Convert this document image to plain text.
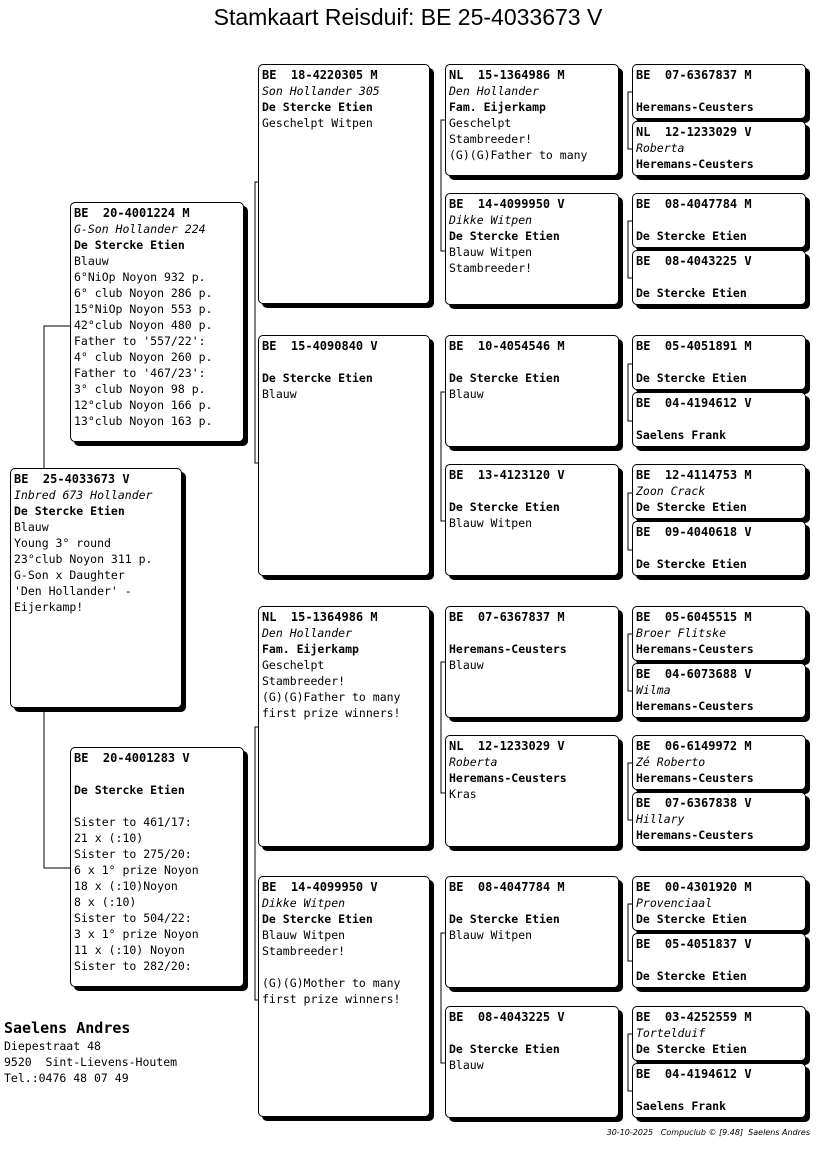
Stamkaart Reisduif: BE 25-4033673 V
BE  25-4033673 V
Inbred 673 Hollander
De Stercke Etien
Blauw
Young 3° round
23°club Noyon 311 p.
G-Son x Daughter
'Den Hollander' -
Eijerkamp!
BE  20-4001224 M
G-Son Hollander 224
De Stercke Etien
Blauw
6°NiOp Noyon 932 p.
6° club Noyon 286 p.
15°NiOp Noyon 553 p.
42°club Noyon 480 p.
Father to '557/22':
4° club Noyon 260 p.
Father to '467/23':
3° club Noyon 98 p.
12°club Noyon 166 p.
13°club Noyon 163 p.
BE  20-4001283 V

De Stercke Etien

Sister to 461/17:
21 x (:10)
Sister to 275/20:
6 x 1° prize Noyon
18 x (:10)Noyon
8 x (:10)
Sister to 504/22:
3 x 1° prize Noyon
11 x (:10) Noyon
Sister to 282/20:
BE  18-4220305 M
Son Hollander 305
De Stercke Etien
Geschelpt Witpen
BE  15-4090840 V

De Stercke Etien
Blauw
NL  15-1364986 M
Den Hollander
Fam. Eijerkamp
Geschelpt
Stambreeder!
(G)(G)Father to many
first prize winners!
BE  14-4099950 V
Dikke Witpen
De Stercke Etien
Blauw Witpen
Stambreeder!

(G)(G)Mother to many
first prize winners!
NL  15-1364986 M
Den Hollander
Fam. Eijerkamp
Geschelpt
Stambreeder!
(G)(G)Father to many
BE  14-4099950 V
Dikke Witpen
De Stercke Etien
Blauw Witpen
Stambreeder!
BE  10-4054546 M

De Stercke Etien
Blauw
BE  13-4123120 V

De Stercke Etien
Blauw Witpen
BE  07-6367837 M

Heremans-Ceusters
Blauw
NL  12-1233029 V
Roberta
Heremans-Ceusters
Kras
BE  08-4047784 M

De Stercke Etien
Blauw Witpen
BE  08-4043225 V

De Stercke Etien
Blauw
BE  07-6367837 M

Heremans-Ceusters
NL  12-1233029 V
Roberta
Heremans-Ceusters
BE  08-4047784 M

De Stercke Etien
BE  08-4043225 V

De Stercke Etien
BE  05-4051891 M

De Stercke Etien
BE  04-4194612 V

Saelens Frank
BE  12-4114753 M
Zoon Crack
De Stercke Etien
BE  09-4040618 V

De Stercke Etien
BE  05-6045515 M
Broer Flitske
Heremans-Ceusters
BE  04-6073688 V
Wilma
Heremans-Ceusters
BE  06-6149972 M
Zé Roberto
Heremans-Ceusters
BE  07-6367838 V
Hillary
Heremans-Ceusters
BE  00-4301920 M
Provenciaal
De Stercke Etien
BE  05-4051837 V

De Stercke Etien
BE  03-4252559 M
Tortelduif
De Stercke Etien
BE  04-4194612 V

Saelens Frank
Saelens Andres
Diepestraat 48
9520  Sint-Lievens-Houtem
Tel.:0476 48 07 49
30-10-2025   Compuclub © [9.48]  Saelens Andres
